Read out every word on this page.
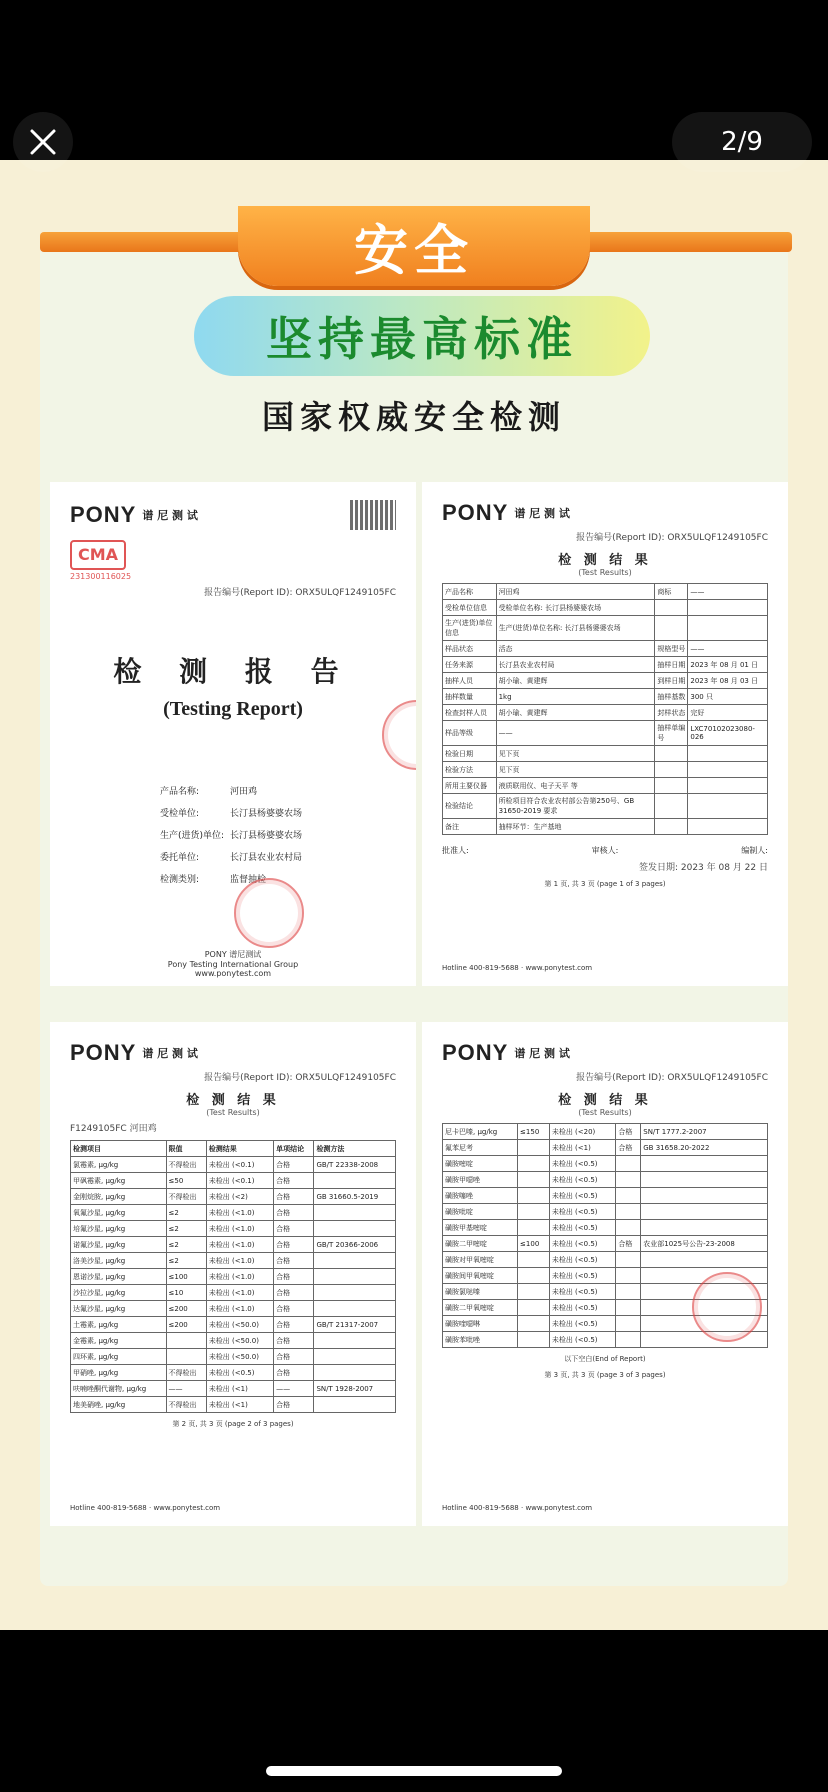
2/9
安全
坚持最高标准
国家权威安全检测
PONY 谱 尼 测 试
CMA
231300116025
报告编号(Report ID): ORX5ULQF1249105FC
检 测 报 告
(Testing Report)
产品名称:	河田鸡
受检单位:	长汀县杨婆婆农场
生产(进货)单位: 长汀县杨婆婆农场
委托单位:	长汀县农业农村局
检测类别:	监督抽检
PONY 谱尼测试
Pony Testing International Group
www.ponytest.com
PONY 谱 尼 测 试
报告编号(Report ID): ORX5ULQF1249105FC
检 测 结 果
(Test Results)
产品名称	河田鸡	商标	——
受检单位信息	受检单位名称: 长汀县杨婆婆农场		
生产(进货)单位信息	生产(进货)单位名称: 长汀县杨婆婆农场		
样品状态	活态	规格型号	——
任务来源	长汀县农业农村局	抽样日期	2023 年 08 月 01 日
抽样人员	胡小瑜、黄建辉	到样日期	2023 年 08 月 03 日
抽样数量	1kg	抽样基数	300 只
检查封样人员	胡小瑜、黄建辉	封样状态	完好
样品等级	——	抽样单编号	LXC70102023080-026
检验日期	见下页		
检验方法	见下页		
所用主要仪器	液质联用仪、电子天平 等		
检验结论	所检项目符合农业农村部公告第250号、GB 31650-2019 要求		
备注	抽样环节：生产基地		
批准人:	审核人:	编制人:
签发日期: 2023 年 08 月 22 日
第 1 页, 共 3 页 (page 1 of 3 pages)
Hotline 400-819-5688 · www.ponytest.com
PONY 谱 尼 测 试
报告编号(Report ID): ORX5ULQF1249105FC
检 测 结 果
(Test Results)
F1249105FC 河田鸡
检测项目	限值	检测结果	单项结论	检测方法
氯霉素, μg/kg	不得检出	未检出 (<0.1)	合格	GB/T 22338-2008
甲砜霉素, μg/kg	≤50	未检出 (<0.1)	合格	
金刚烷胺, μg/kg	不得检出	未检出 (<2)	合格	GB 31660.5-2019
氧氟沙星, μg/kg	≤2	未检出 (<1.0)	合格	
培氟沙星, μg/kg	≤2	未检出 (<1.0)	合格	
诺氟沙星, μg/kg	≤2	未检出 (<1.0)	合格	GB/T 20366-2006
洛美沙星, μg/kg	≤2	未检出 (<1.0)	合格	
恩诺沙星, μg/kg	≤100	未检出 (<1.0)	合格	
沙拉沙星, μg/kg	≤10	未检出 (<1.0)	合格	
达氟沙星, μg/kg	≤200	未检出 (<1.0)	合格	
土霉素, μg/kg	≤200	未检出 (<50.0)	合格	GB/T 21317-2007
金霉素, μg/kg		未检出 (<50.0)	合格	
四环素, μg/kg		未检出 (<50.0)	合格	
甲硝唑, μg/kg	不得检出	未检出 (<0.5)	合格	
呋喃唑酮代谢物, μg/kg	——	未检出 (<1)	——	SN/T 1928-2007
地美硝唑, μg/kg	不得检出	未检出 (<1)	合格	
第 2 页, 共 3 页 (page 2 of 3 pages)
Hotline 400-819-5688 · www.ponytest.com
PONY 谱 尼 测 试
报告编号(Report ID): ORX5ULQF1249105FC
检 测 结 果
(Test Results)
尼卡巴嗪, μg/kg	≤150	未检出 (<20)	合格	SN/T 1777.2-2007
氟苯尼考		未检出 (<1)	合格	GB 31658.20-2022
磺胺嘧啶		未检出 (<0.5)		
磺胺甲噁唑		未检出 (<0.5)		
磺胺噻唑		未检出 (<0.5)		
磺胺吡啶		未检出 (<0.5)		
磺胺甲基嘧啶		未检出 (<0.5)		
磺胺二甲嘧啶	≤100	未检出 (<0.5)	合格	农业部1025号公告-23-2008
磺胺对甲氧嘧啶		未检出 (<0.5)		
磺胺间甲氧嘧啶		未检出 (<0.5)		
磺胺氯哒嗪		未检出 (<0.5)		
磺胺二甲氧嘧啶		未检出 (<0.5)		
磺胺喹噁啉		未检出 (<0.5)		
磺胺苯吡唑		未检出 (<0.5)		
以下空白(End of Report)
第 3 页, 共 3 页 (page 3 of 3 pages)
Hotline 400-819-5688 · www.ponytest.com
